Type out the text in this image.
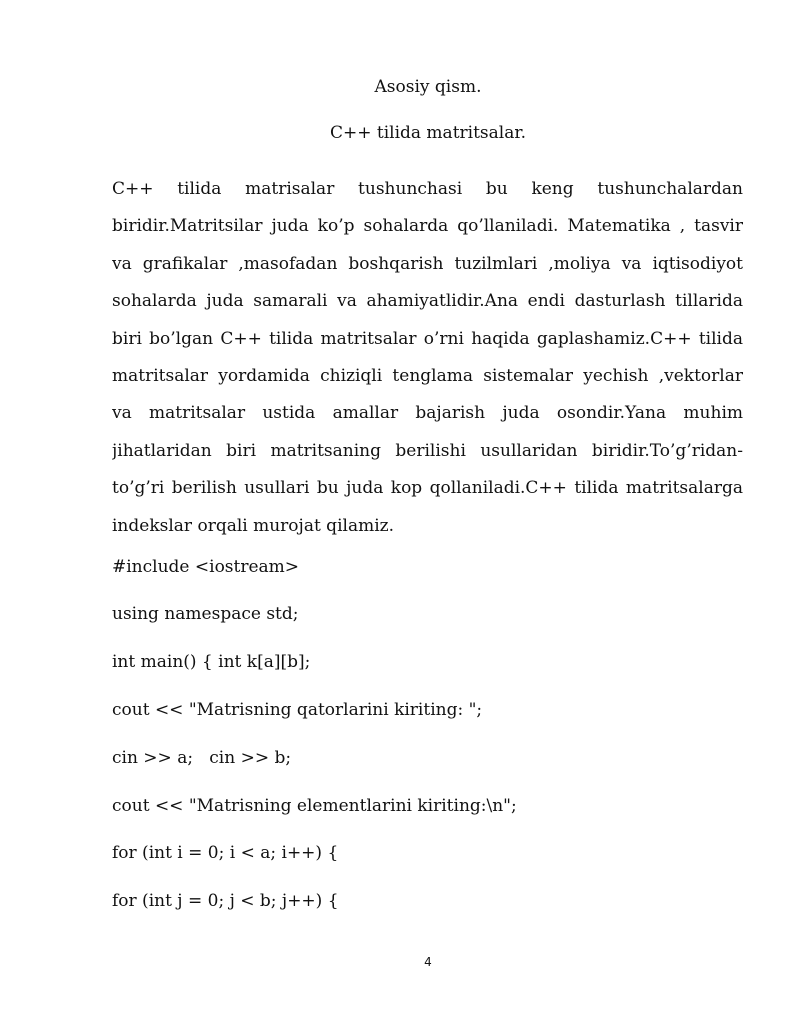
Asosiy qism.

C++ tilida matritsalar.

C++ tilida matrisalar tushunchasi bu keng tushunchalardan
biridir.Matritsilar juda ko’p sohalarda qo’llaniladi. Matematika , tasvir
va grafikalar ,masofadan boshqarish tuzilmlari ,moliya va iqtisodiyot
sohalarda juda samarali va ahamiyatlidir.Ana endi dasturlash tillarida
biri bo’lgan C++ tilida matritsalar o’rni haqida gaplashamiz.C++ tilida
matritsalar yordamida chiziqli tenglama sistemalar yechish ,vektorlar
va matritsalar ustida amallar bajarish juda osondir.Yana muhim
jihatlaridan biri matritsaning berilishi usullaridan biridir.To’g’ridan-
to’g’ri berilish usullari bu juda kop qollaniladi.C++ tilida matritsalarga
indekslar orqali murojat qilamiz.

#include <iostream>

using namespace std;

int main() { int k[a][b];

cout << "Matrisning qatorlarini kiriting: ";

cin >> a;   cin >> b;

cout << "Matrisning elementlarini kiriting:\n";

for (int i = 0; i < a; i++) {

for (int j = 0; j < b; j++) {

4
